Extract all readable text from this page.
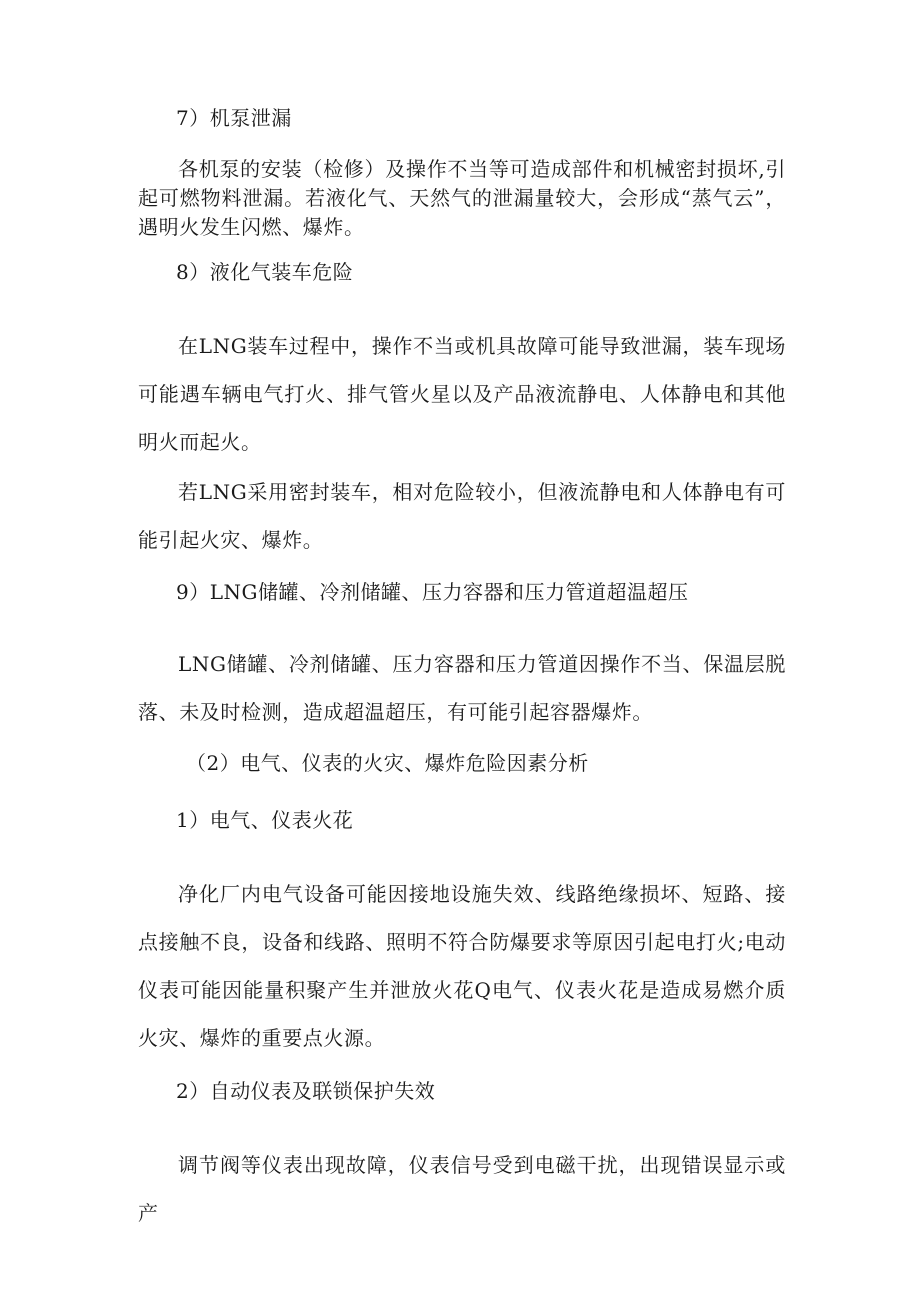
7）机泵泄漏

各机泵的安装（检修）及操作不当等可造成部件和机械密封损坏,引起可燃物料泄漏。若液化气、天然气的泄漏量较大，会形成“蒸气云”，遇明火发生闪燃、爆炸。

8）液化气装车危险

在LNG装车过程中，操作不当或机具故障可能导致泄漏，装车现场可能遇车辆电气打火、排气管火星以及产品液流静电、人体静电和其他明火而起火。

若LNG采用密封装车，相对危险较小，但液流静电和人体静电有可能引起火灾、爆炸。

9）LNG储罐、冷剂储罐、压力容器和压力管道超温超压

LNG储罐、冷剂储罐、压力容器和压力管道因操作不当、保温层脱落、未及时检测，造成超温超压，有可能引起容器爆炸。

（2）电气、仪表的火灾、爆炸危险因素分析

1）电气、仪表火花

净化厂内电气设备可能因接地设施失效、线路绝缘损坏、短路、接点接触不良，设备和线路、照明不符合防爆要求等原因引起电打火;电动仪表可能因能量积聚产生并泄放火花Q电气、仪表火花是造成易燃介质火灾、爆炸的重要点火源。

2）自动仪表及联锁保护失效

调节阀等仪表出现故障，仪表信号受到电磁干扰，出现错误显示或产
